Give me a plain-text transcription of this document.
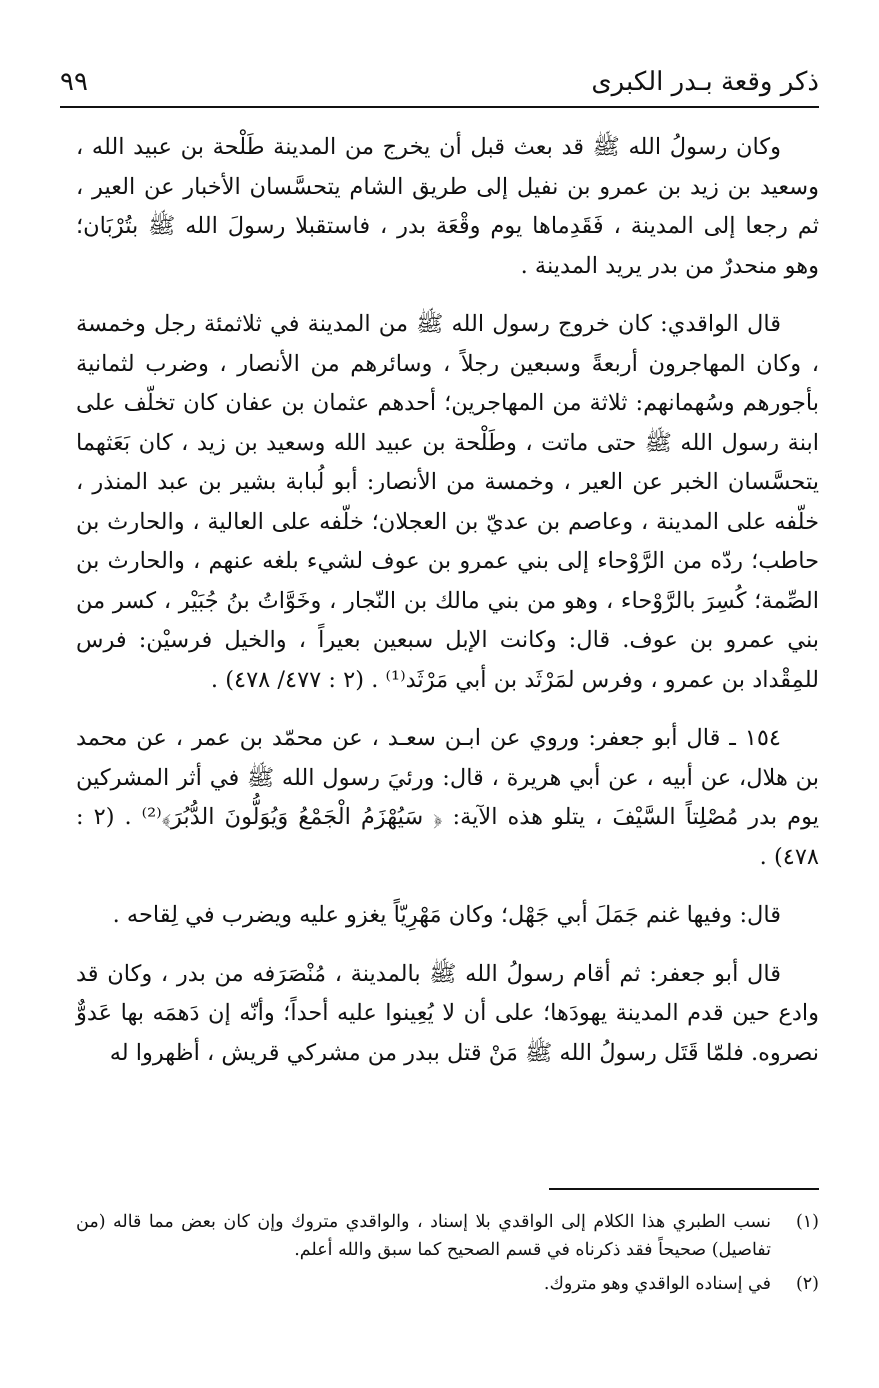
ذكر وقعة بـدر الكبرى
٩٩

وكان رسولُ الله ﷺ قد بعث قبل أن يخرج من المدينة طَلْحة بن عبيد الله ، وسعيد بن زيد بن عمرو بن نفيل إلى طريق الشام يتحسَّسان الأخبار عن العير ، ثم رجعا إلى المدينة ، فَقَدِماها يوم وقْعَة بدر ، فاستقبلا رسولَ الله ﷺ بتُرْبَان؛ وهو منحدرٌ من بدر يريد المدينة .

قال الواقدي: كان خروج رسول الله ﷺ من المدينة في ثلاثمئة رجل وخمسة ، وكان المهاجرون أربعةً وسبعين رجلاً ، وسائرهم من الأنصار ، وضرب لثمانية بأجورهم وسُهمانهم: ثلاثة من المهاجرين؛ أحدهم عثمان بن عفان كان تخلّف على ابنة رسول الله ﷺ حتى ماتت ، وطَلْحة بن عبيد الله وسعيد بن زيد ، كان بَعَثهما يتحسَّسان الخبر عن العير ، وخمسة من الأنصار: أبو لُبابة بشير بن عبد المنذر ، خلّفه على المدينة ، وعاصم بن عديّ بن العجلان؛ خلّفه على العالية ، والحارث بن حاطب؛ ردّه من الرَّوْحاء إلى بني عمرو بن عوف لشيء بلغه عنهم ، والحارث بن الصِّمة؛ كُسِرَ بالرَّوْحاء ، وهو من بني مالك بن النّجار ، وخَوَّاتُ بنُ جُبَيْر ، كسر من بني عمرو بن عوف. قال: وكانت الإبل سبعين بعيراً ، والخيل فرسيْن: فرس للمِقْداد بن عمرو ، وفرس لمَرْثَد بن أبي مَرْثَد⁽¹⁾ . (٢ : ٤٧٧/ ٤٧٨) .

١٥٤ ـ قال أبو جعفر: وروي عن ابـن سعـد ، عن محمّد بن عمر ، عن محمد بن هلال، عن أبيه ، عن أبي هريرة ، قال: ورئيَ رسول الله ﷺ في أثر المشركين يوم بدر مُصْلِتاً السَّيْفَ ، يتلو هذه الآية: ﴿ سَيُهْزَمُ الْجَمْعُ وَيُوَلُّونَ الدُّبُرَ﴾⁽²⁾ . (٢ : ٤٧٨) .

قال: وفيها غنم جَمَلَ أبي جَهْل؛ وكان مَهْرِيّاً يغزو عليه ويضرب في لِقاحه .

قال أبو جعفر: ثم أقام رسولُ الله ﷺ بالمدينة ، مُنْصَرَفه من بدر ، وكان قد وادع حين قدم المدينة يهودَها؛ على أن لا يُعِينوا عليه أحداً؛ وأنّه إن دَهمَه بها عَدوٌّ نصروه. فلمّا قَتَل رسولُ الله ﷺ مَنْ قتل ببدر من مشركي قريش ، أظهروا له

(١)
نسب الطبري هذا الكلام إلى الواقدي بلا إسناد ، والواقدي متروك وإن كان بعض مما قاله (من تفاصيل) صحيحاً فقد ذكرناه في قسم الصحيح كما سبق والله أعلم.
(٢)
في إسناده الواقدي وهو متروك.
